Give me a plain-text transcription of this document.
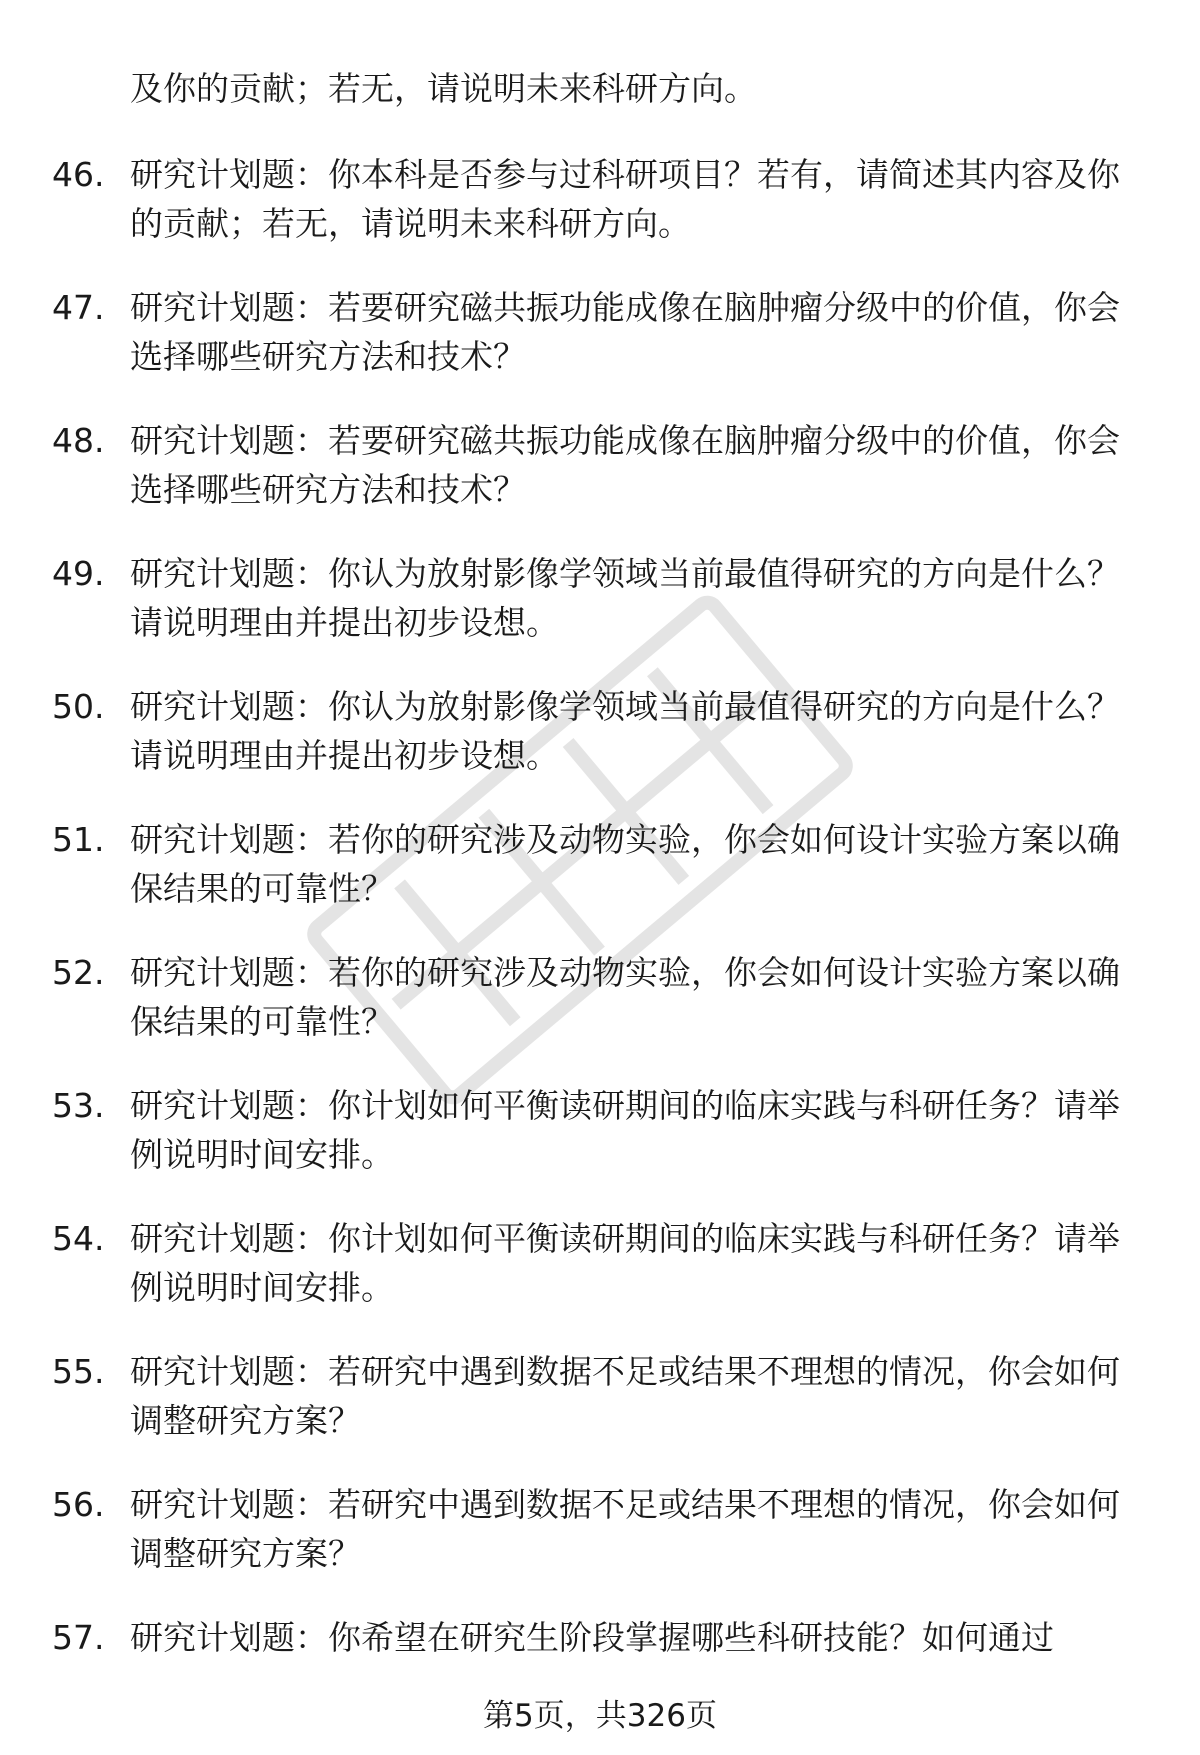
及你的贡献；若无，请说明未来科研方向。

46. 研究计划题：你本科是否参与过科研项目？若有，请简述其内容及你的贡献；若无，请说明未来科研方向。
47. 研究计划题：若要研究磁共振功能成像在脑肿瘤分级中的价值，你会选择哪些研究方法和技术？
48. 研究计划题：若要研究磁共振功能成像在脑肿瘤分级中的价值，你会选择哪些研究方法和技术？
49. 研究计划题：你认为放射影像学领域当前最值得研究的方向是什么？请说明理由并提出初步设想。
50. 研究计划题：你认为放射影像学领域当前最值得研究的方向是什么？请说明理由并提出初步设想。
51. 研究计划题：若你的研究涉及动物实验，你会如何设计实验方案以确保结果的可靠性？
52. 研究计划题：若你的研究涉及动物实验，你会如何设计实验方案以确保结果的可靠性？
53. 研究计划题：你计划如何平衡读研期间的临床实践与科研任务？请举例说明时间安排。
54. 研究计划题：你计划如何平衡读研期间的临床实践与科研任务？请举例说明时间安排。
55. 研究计划题：若研究中遇到数据不足或结果不理想的情况，你会如何调整研究方案？
56. 研究计划题：若研究中遇到数据不足或结果不理想的情况，你会如何调整研究方案？
57. 研究计划题：你希望在研究生阶段掌握哪些科研技能？如何通过
第5页，共326页
